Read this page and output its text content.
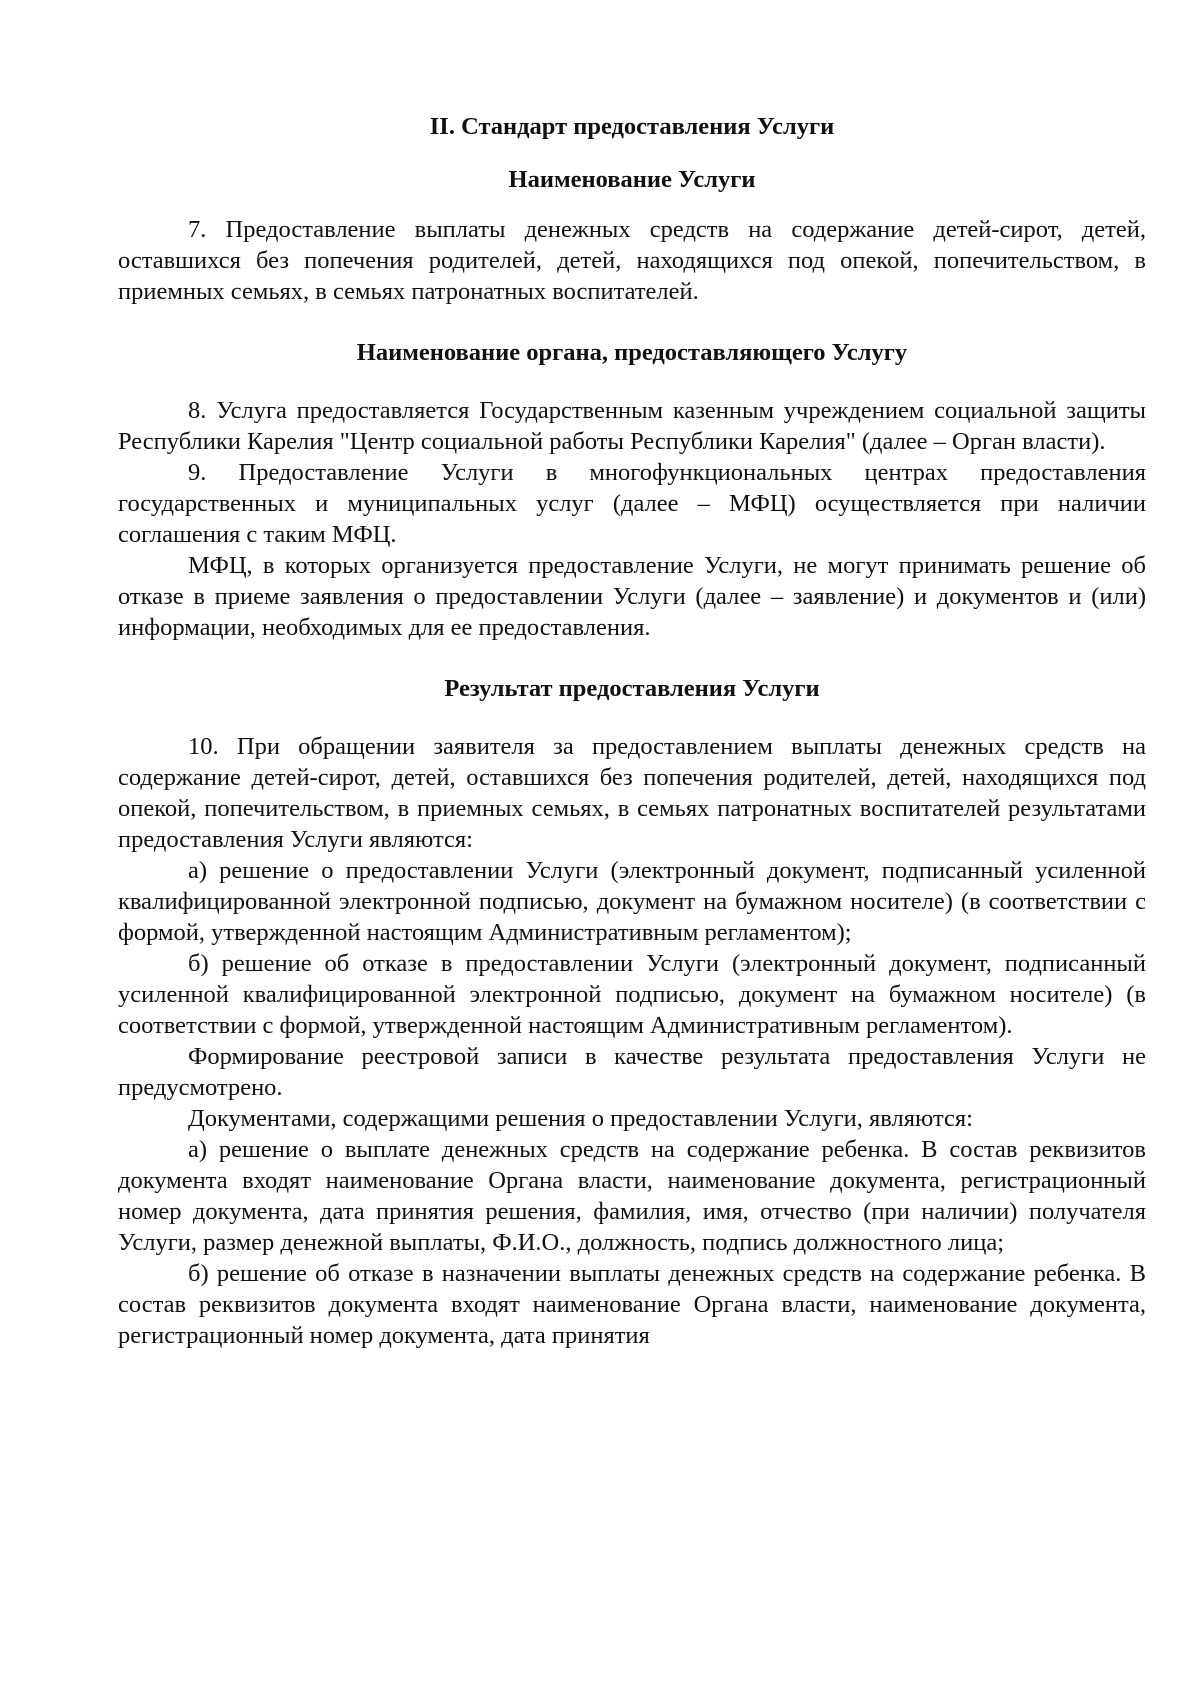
II. Стандарт предоставления Услуги
Наименование Услуги

7. Предоставление выплаты денежных средств на содержание детей-сирот, детей, оставшихся без попечения родителей, детей, находящихся под опекой, попечительством, в приемных семьях, в семьях патронатных воспитателей.

Наименование органа, предоставляющего Услугу

8. Услуга предоставляется Государственным казенным учреждением социальной защиты Республики Карелия "Центр социальной работы Республики Карелия" (далее – Орган власти).

9. Предоставление Услуги в многофункциональных центрах предоставления государственных и муниципальных услуг (далее – МФЦ) осуществляется при наличии соглашения с таким МФЦ.

МФЦ, в которых организуется предоставление Услуги, не могут принимать решение об отказе в приеме заявления о предоставлении Услуги (далее – заявление) и документов и (или) информации, необходимых для ее предоставления.

Результат предоставления Услуги

10. При обращении заявителя за предоставлением выплаты денежных средств на содержание детей-сирот, детей, оставшихся без попечения родителей, детей, находящихся под опекой, попечительством, в приемных семьях, в семьях патронатных воспитателей результатами предоставления Услуги являются:

а) решение о предоставлении Услуги (электронный документ, подписанный усиленной квалифицированной электронной подписью, документ на бумажном носителе) (в соответствии с формой, утвержденной настоящим Административным регламентом);

б) решение об отказе в предоставлении Услуги (электронный документ, подписанный усиленной квалифицированной электронной подписью, документ на бумажном носителе) (в соответствии с формой, утвержденной настоящим Административным регламентом).

Формирование реестровой записи в качестве результата предоставления Услуги не предусмотрено.

Документами, содержащими решения о предоставлении Услуги, являются:

а) решение о выплате денежных средств на содержание ребенка. В состав реквизитов документа входят наименование Органа власти, наименование документа, регистрационный номер документа, дата принятия решения, фамилия, имя, отчество (при наличии) получателя Услуги, размер денежной выплаты, Ф.И.О., должность, подпись должностного лица;

б) решение об отказе в назначении выплаты денежных средств на содержание ребенка. В состав реквизитов документа входят наименование Органа власти, наименование документа, регистрационный номер документа, дата принятия
